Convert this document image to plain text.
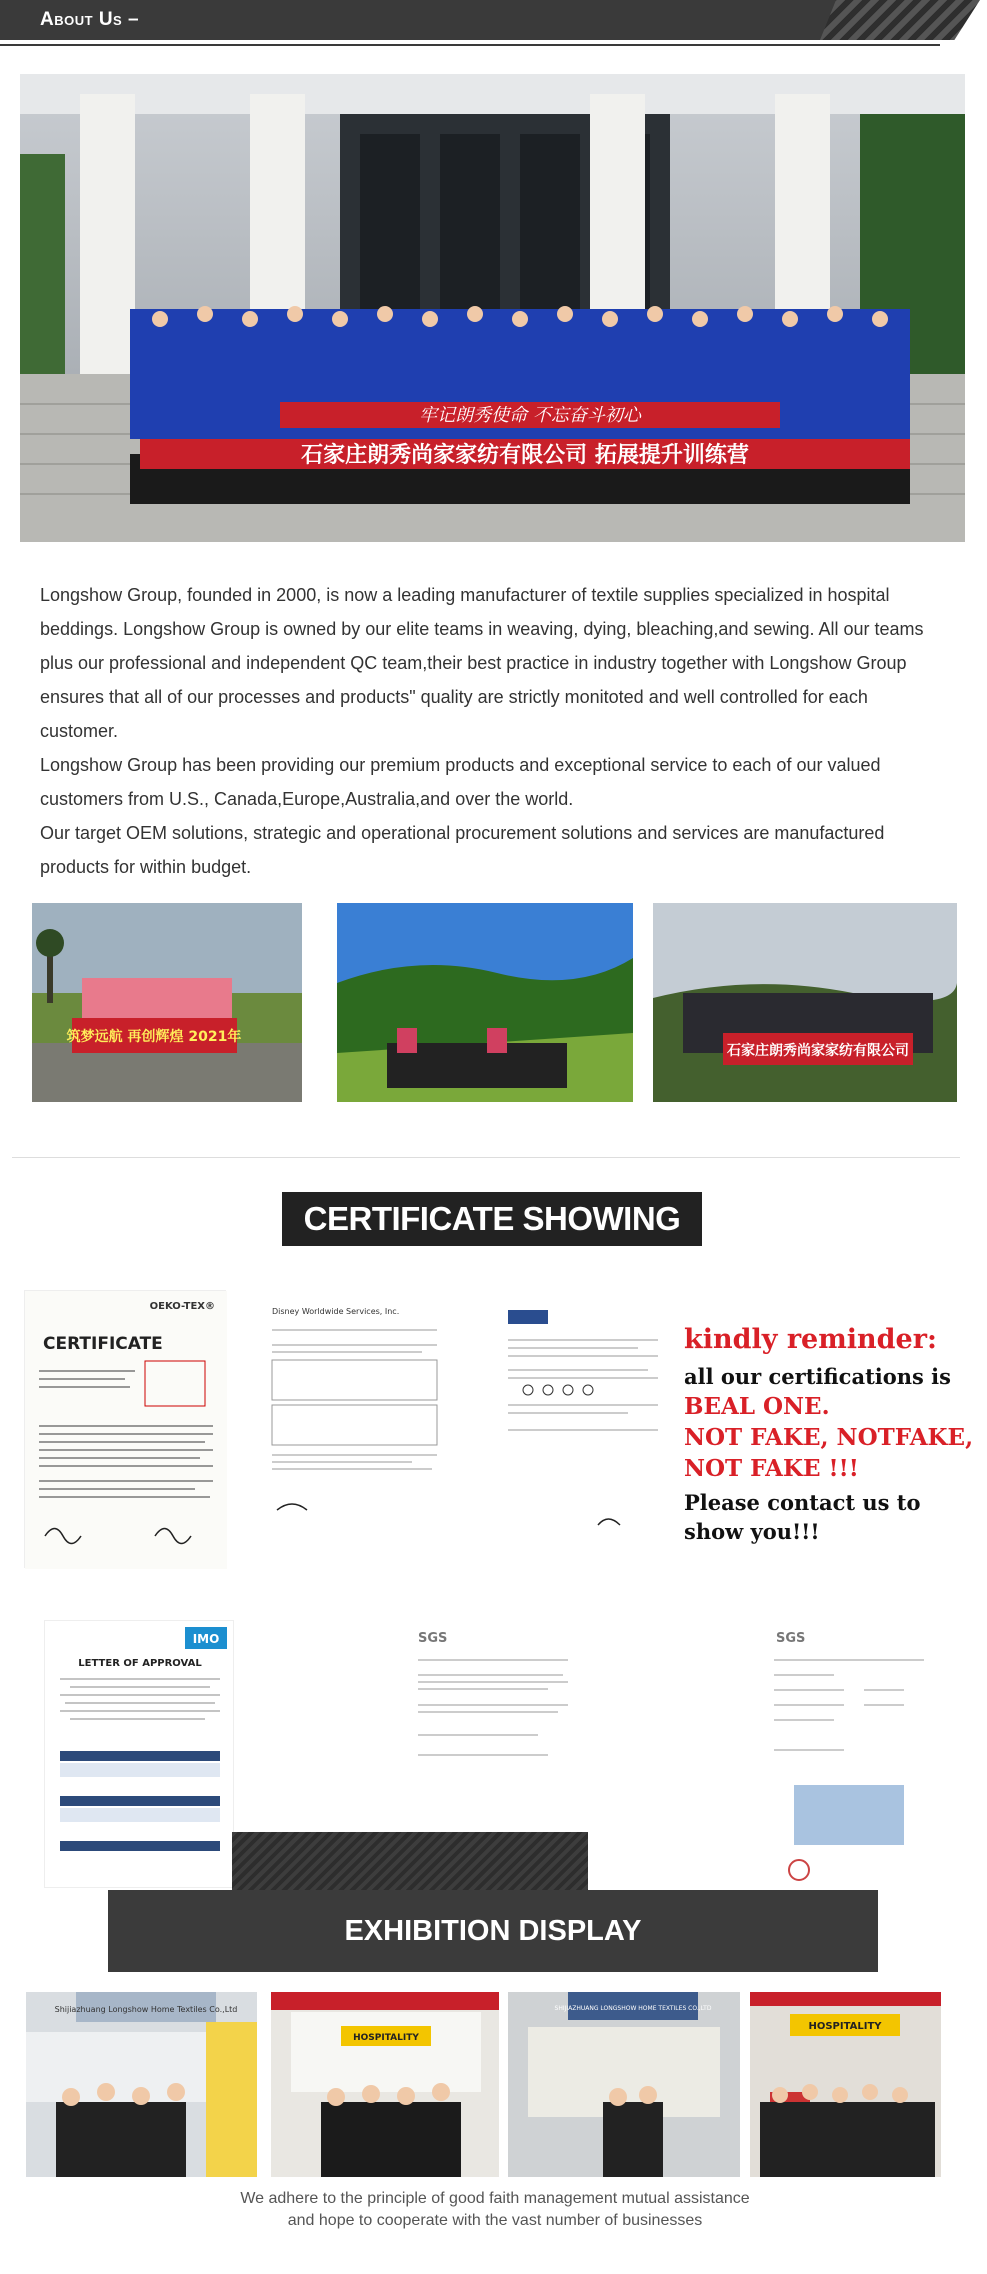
About Us –
石家庄朗秀尚家家纺有限公司 拓展提升训练营
牢记朗秀使命 不忘奋斗初心

Longshow Group, founded in 2000, is now a leading manufacturer of textile supplies specialized in hospital beddings. Longshow Group is owned by our elite teams in weaving, dying, bleaching,and sewing. All our teams plus our professional and independent QC team,their best practice in industry together with Longshow Group ensures that all of our processes and products" quality are strictly monitoted and well controlled for each customer.

Longshow Group has been providing our premium products and exceptional service to each of our valued customers from U.S., Canada,Europe,Australia,and over the world.

Our target OEM solutions, strategic and operational procurement solutions and services are manufactured products for within budget.

筑梦远航 再创辉煌 2021年
石家庄朗秀尚家家纺有限公司
CERTIFICATE SHOWING
OEKO-TEX®
CERTIFICATE
Disney Worldwide Services, Inc.
kindly reminder:
all our certifications is
BEAL ONE.
NOT FAKE, NOTFAKE,
NOT FAKE !!!
Please contact us to show you!!!
IMO
LETTER OF APPROVAL
SGS	SGS
EXHIBITION DISPLAY
Shijiazhuang Longshow Home Textiles Co.,Ltd
HOSPITALITY
SHIJIAZHUANG LONGSHOW HOME TEXTILES CO.,LTD
HOSPITALITY
We adhere to the principle of good faith management mutual assistance
and hope to cooperate with the vast number of businesses
